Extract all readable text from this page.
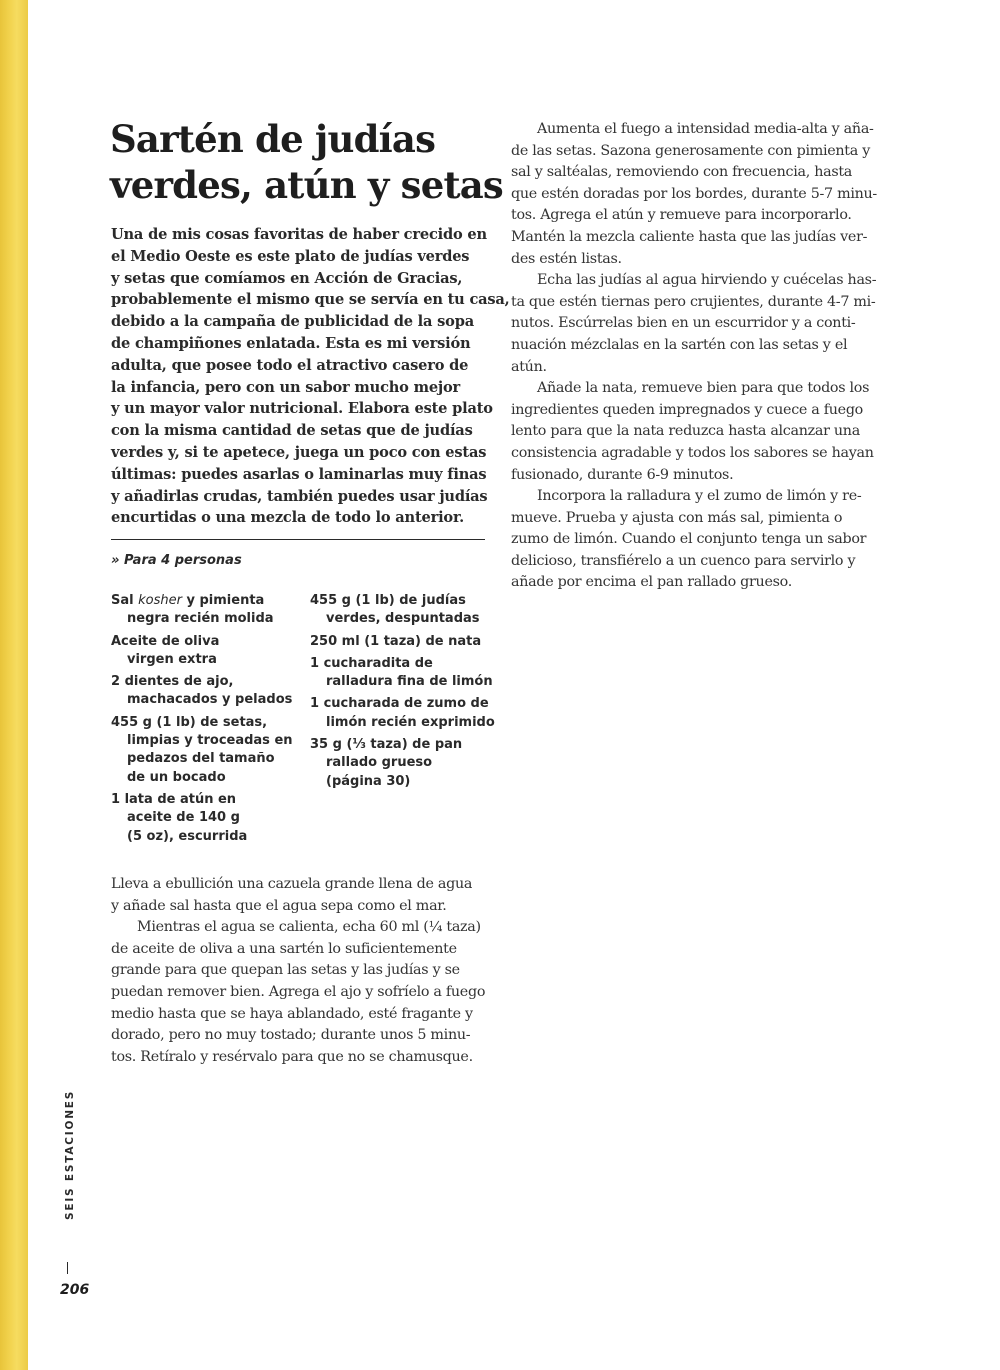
Sartén de judías
verdes, atún y setas
Una de mis cosas favoritas de haber crecido en
el Medio Oeste es este plato de judías verdes
y setas que comíamos en Acción de Gracias,
probablemente el mismo que se servía en tu casa,
debido a la campaña de publicidad de la sopa
de champiñones enlatada. Esta es mi versión
adulta, que posee todo el atractivo casero de
la infancia, pero con un sabor mucho mejor
y un mayor valor nutricional. Elabora este plato
con la misma cantidad de setas que de judías
verdes y, si te apetece, juega un poco con estas
últimas: puedes asarlas o laminarlas muy finas
y añadirlas crudas, también puedes usar judías
encurtidas o una mezcla de todo lo anterior.

» Para 4 personas

Sal kosher y pimienta
negra recién molida
Aceite de oliva
virgen extra
2 dientes de ajo,
machacados y pelados
455 g (1 lb) de setas,
limpias y troceadas en
pedazos del tamaño
de un bocado
1 lata de atún en
aceite de 140 g
(5 oz), escurrida
455 g (1 lb) de judías
verdes, despuntadas
250 ml (1 taza) de nata
1 cucharadita de
ralladura fina de limón
1 cucharada de zumo de
limón recién exprimido
35 g (⅓ taza) de pan
rallado grueso
(página 30)
Lleva a ebullición una cazuela grande llena de agua
y añade sal hasta que el agua sepa como el mar.
Mientras el agua se calienta, echa 60 ml (¼ taza)
de aceite de oliva a una sartén lo suficientemente
grande para que quepan las setas y las judías y se
puedan remover bien. Agrega el ajo y sofríelo a fuego
medio hasta que se haya ablandado, esté fragante y
dorado, pero no muy tostado; durante unos 5 minu-
tos. Retíralo y resérvalo para que no se chamusque.
Aumenta el fuego a intensidad media-alta y aña-
de las setas. Sazona generosamente con pimienta y
sal y saltéalas, removiendo con frecuencia, hasta
que estén doradas por los bordes, durante 5-7 minu-
tos. Agrega el atún y remueve para incorporarlo.
Mantén la mezcla caliente hasta que las judías ver-
des estén listas.
Echa las judías al agua hirviendo y cuécelas has-
ta que estén tiernas pero crujientes, durante 4-7 mi-
nutos. Escúrrelas bien en un escurridor y a conti-
nuación mézclalas en la sartén con las setas y el
atún.
Añade la nata, remueve bien para que todos los
ingredientes queden impregnados y cuece a fuego
lento para que la nata reduzca hasta alcanzar una
consistencia agradable y todos los sabores se hayan
fusionado, durante 6-9 minutos.
Incorpora la ralladura y el zumo de limón y re-
mueve. Prueba y ajusta con más sal, pimienta o
zumo de limón. Cuando el conjunto tenga un sabor
delicioso, transfiérelo a un cuenco para servirlo y
añade por encima el pan rallado grueso.
SEIS ESTACIONES

206
